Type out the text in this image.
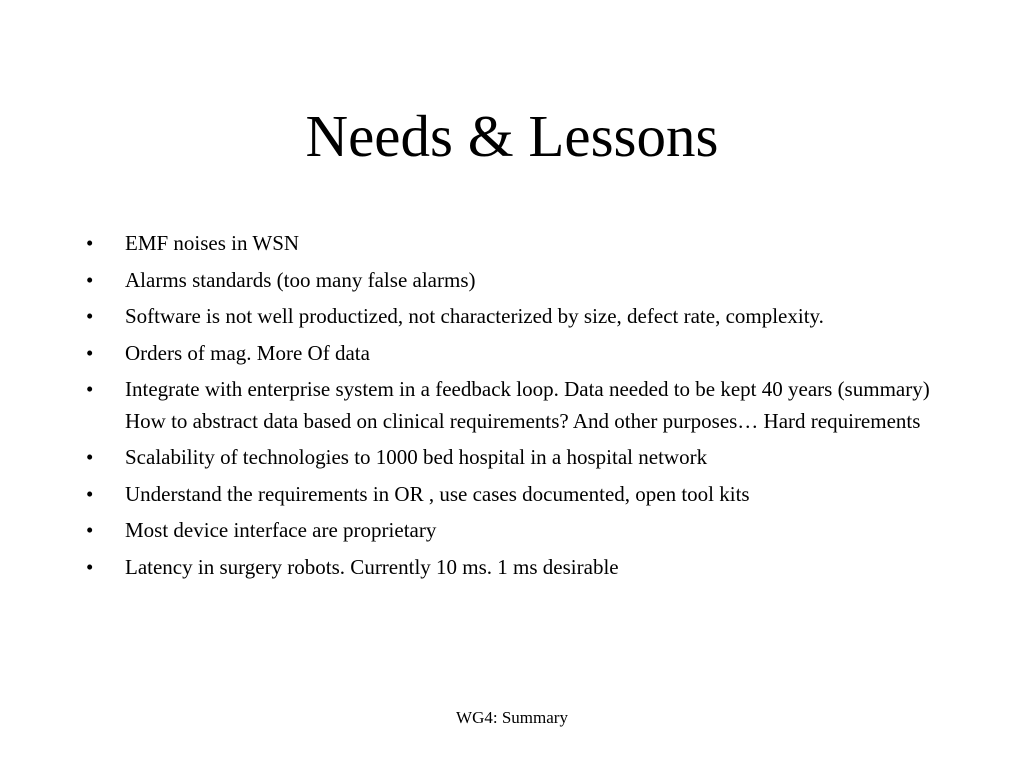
Needs & Lessons
• EMF noises in WSN
• Alarms standards (too many false alarms)
• Software is not well productized, not characterized by size, defect rate, complexity.
• Orders of mag. More Of data
• Integrate with enterprise system in a feedback loop. Data needed to be kept 40 years (summary) How to abstract data based on clinical requirements? And other purposes… Hard requirements
• Scalability of technologies to 1000 bed hospital in a hospital network
• Understand the requirements in OR , use cases documented, open tool kits
• Most device interface are proprietary
• Latency in surgery robots. Currently 10 ms. 1 ms desirable
WG4: Summary
